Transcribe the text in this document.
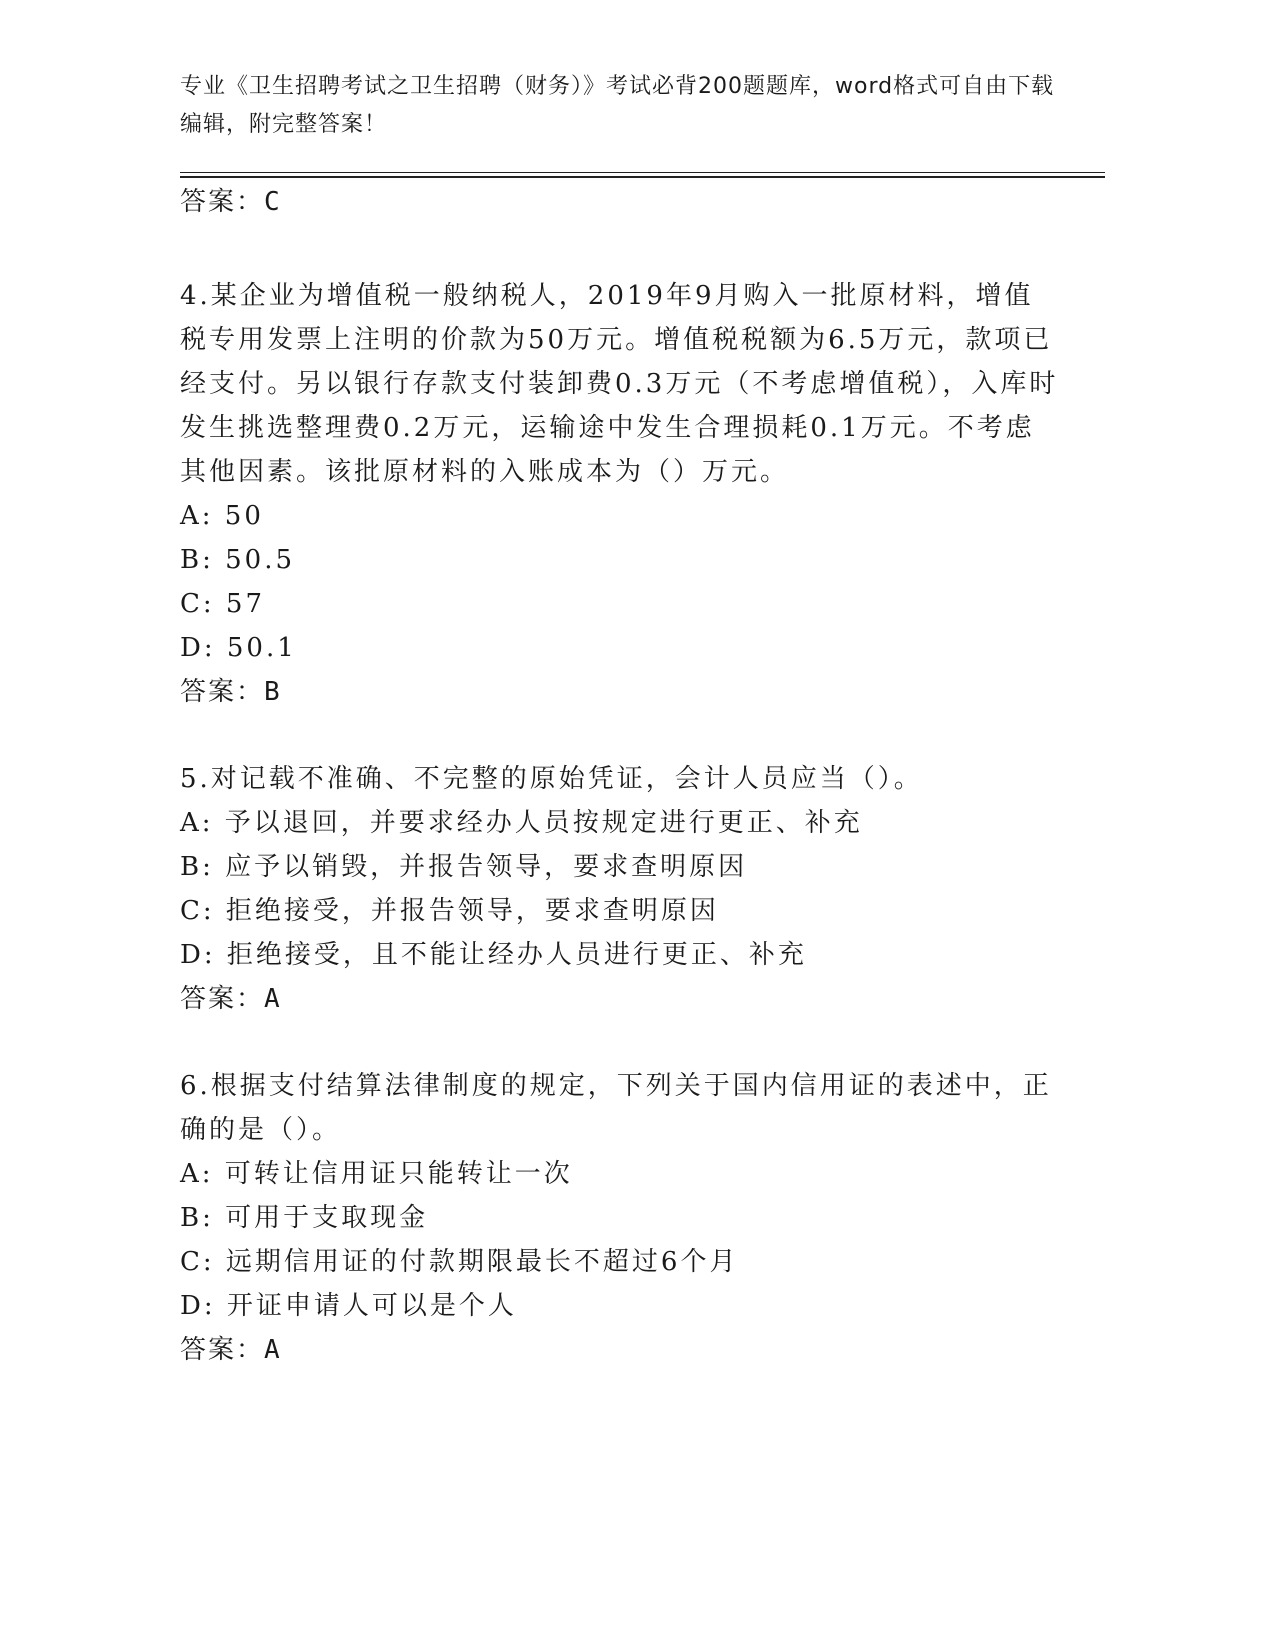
专业《卫生招聘考试之卫生招聘（财务）》考试必背200题题库，word格式可自由下载编辑，附完整答案！
答案：C

4.某企业为增值税一般纳税人，2019年9月购入一批原材料，增值税专用发票上注明的价款为50万元。增值税税额为6.5万元，款项已经支付。另以银行存款支付装卸费0.3万元（不考虑增值税），入库时发生挑选整理费0.2万元，运输途中发生合理损耗0.1万元。不考虑其他因素。该批原材料的入账成本为（）万元。

A: 50

B: 50.5

C: 57

D: 50.1

答案：B

5.对记载不准确、不完整的原始凭证，会计人员应当（）。

A: 予以退回，并要求经办人员按规定进行更正、补充

B: 应予以销毁，并报告领导，要求查明原因

C: 拒绝接受，并报告领导，要求查明原因

D: 拒绝接受，且不能让经办人员进行更正、补充

答案：A

6.根据支付结算法律制度的规定，下列关于国内信用证的表述中，正确的是（）。

A: 可转让信用证只能转让一次

B: 可用于支取现金

C: 远期信用证的付款期限最长不超过6个月

D: 开证申请人可以是个人

答案：A
